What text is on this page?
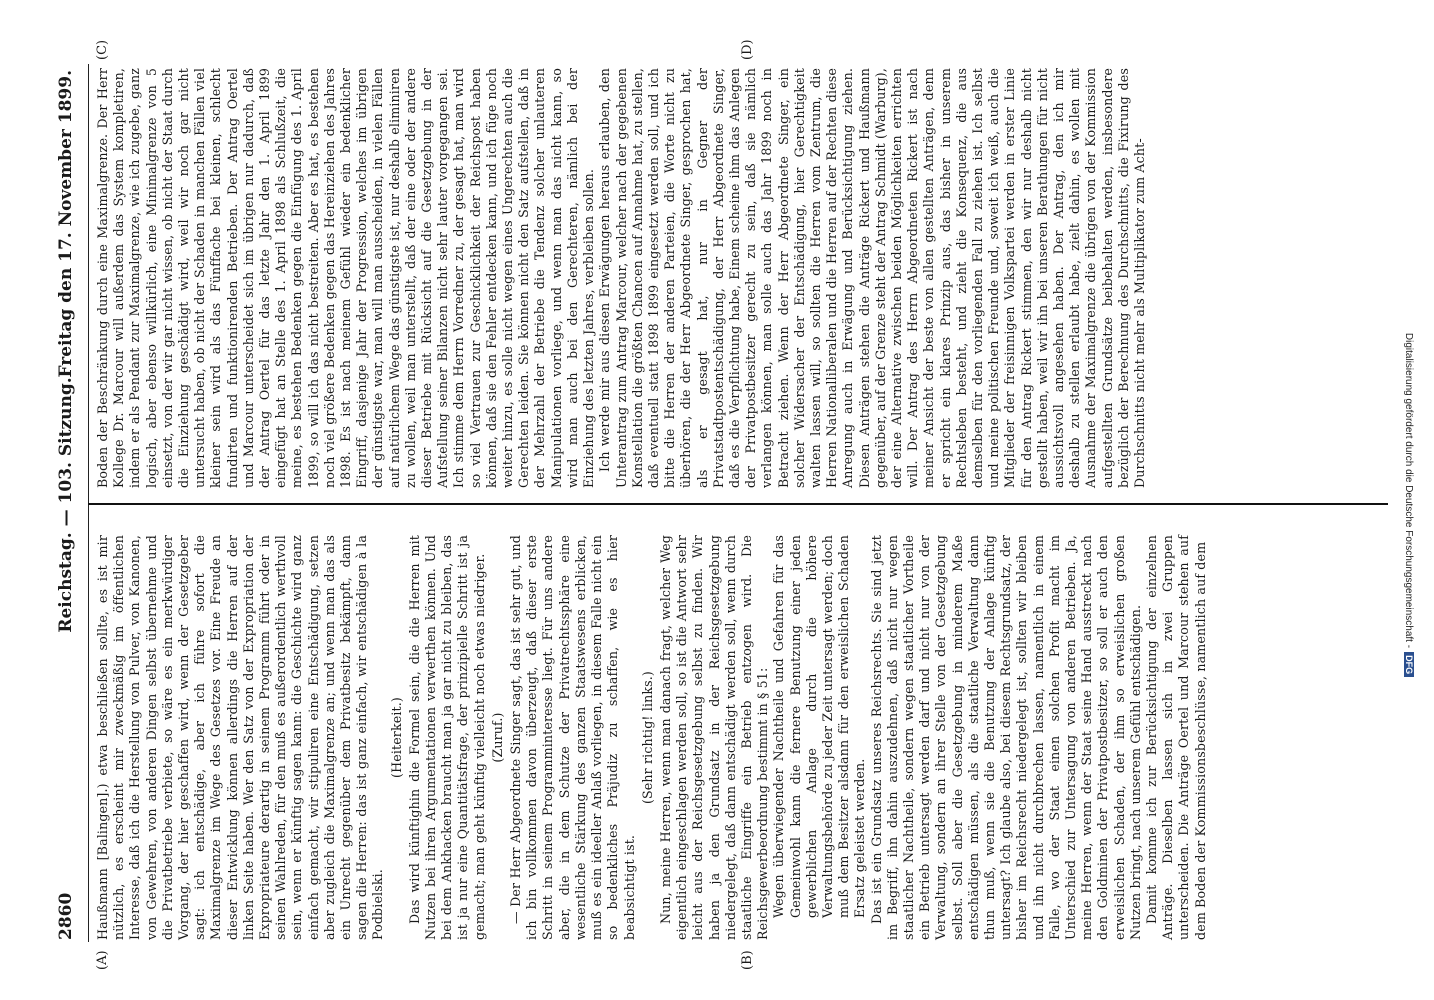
2860
Reichstag. — 103. Sitzung.
Freitag den 17. November 1899.
(A)	(B)
(C)	(D)

Haußmann [Balingen].) etwa beschließen sollte, es ist mir nützlich, es erscheint mir zweckmäßig im öffentlichen Interesse, daß ich die Herstellung von Pulver, von Kanonen, von Gewehren, von anderen Dingen selbst übernehme und die Privatbetriebe verbiete, so wäre es ein merkwürdiger Vorgang, der hier geschaffen wird, wenn der Gesetzgeber sagt: ich entschädige, aber ich führe sofort die Maximalgrenze im Wege des Gesetzes vor. Eine Freude an dieser Entwicklung können allerdings die Herren auf der linken Seite haben. Wer den Satz von der Expropriation der Expropriateure derartig in seinem Programm führt oder in seinen Wahlreden, für den muß es außerordentlich werthvoll sein, wenn er künftig sagen kann: die Geschichte wird ganz einfach gemacht, wir stipuliren eine Entschädigung, setzen aber zugleich die Maximalgrenze an; und wenn man das als ein Unrecht gegenüber dem Privatbesitz bekämpft, dann sagen die Herren: das ist ganz einfach, wir entschädigen à la Podbielski.

(Heiterkeit.) Das wird künftighin die Formel sein, die die Herren mit Nutzen bei ihren Argumentationen verwerthen können. Und bei dem Ankhacken braucht man ja gar nicht zu bleiben, das ist ja nur eine Quantitätsfrage, der prinzipielle Schritt ist ja gemacht; man geht künftig vielleicht noch etwas niedriger. (Zuruf.) — Der Herr Abgeordnete Singer sagt, das ist sehr gut, und ich bin vollkommen davon überzeugt, daß dieser erste Schritt in seinem Programminteresse liegt. Für uns andere aber, die in dem Schutze der Privatrechtssphäre eine wesentliche Stärkung des ganzen Staatswesens erblicken, muß es ein ideeller Anlaß vorliegen, in diesem Falle nicht ein so bedenkliches Präjudiz zu schaffen, wie es hier beabsichtigt ist.

(Sehr richtig! links.) Nun, meine Herren, wenn man danach fragt, welcher Weg eigentlich eingeschlagen werden soll, so ist die Antwort sehr leicht aus der Reichsgesetzgebung selbst zu finden. Wir haben ja den Grundsatz in der Reichsgesetzgebung niedergelegt, daß dann entschädigt werden soll, wenn durch staatliche Eingriffe ein Betrieb entzogen wird. Die Reichsgewerbeordnung bestimmt in § 51: Wegen überwiegender Nachtheile und Gefahren für das Gemeinwohl kann die fernere Benutzung einer jeden gewerblichen Anlage durch die höhere Verwaltungsbehörde zu jeder Zeit untersagt werden; doch muß dem Besitzer alsdann für den erweislichen Schaden Ersatz geleistet werden. Das ist ein Grundsatz unseres Reichsrechts. Sie sind jetzt im Begriff, ihn dahin auszudehnen, daß nicht nur wegen staatlicher Nachtheile, sondern wegen staatlicher Vortheile ein Betrieb untersagt werden darf und nicht nur von der Verwaltung, sondern an ihrer Stelle von der Gesetzgebung selbst. Soll aber die Gesetzgebung in minderem Maße entschädigen müssen, als die staatliche Verwaltung dann thun muß, wenn sie die Benutzung der Anlage künftig untersagt? Ich glaube also, bei diesem Rechtsgrundsatz, der bisher im Reichsrecht niedergelegt ist, sollten wir bleiben und ihn nicht durchbrechen lassen, namentlich in einem Falle, wo der Staat einen solchen Profit macht im Unterschied zur Untersagung von anderen Betrieben. Ja, meine Herren, wenn der Staat seine Hand ausstreckt nach den Goldminen der Privatpostbesitzer, so soll er auch den erweislichen Schaden, der ihm so erweislichen großen Nutzen bringt, nach unserem Gefühl entschädigen. Damit komme ich zur Berücksichtigung der einzelnen Anträge. Dieselben lassen sich in zwei Gruppen unterscheiden. Die Anträge Oertel und Marcour stehen auf dem Boden der Kommissionsbeschlüsse, namentlich auf dem

Boden der Beschränkung durch eine Maximalgrenze. Der Herr Kollege Dr. Marcour will außerdem das System kompletiren, indem er als Pendant zur Maximalgrenze, wie ich zugebe, ganz logisch, aber ebenso willkürlich, eine Minimalgrenze von 5 einsetzt, von der wir gar nicht wissen, ob nicht der Staat durch die Einziehung geschädigt wird, weil wir noch gar nicht untersucht haben, ob nicht der Schaden in manchen Fällen viel kleiner sein wird als das Fünffache bei kleinen, schlecht fundirten und funktionirenden Betrieben. Der Antrag Oertel und Marcour unterscheidet sich im übrigen nur dadurch, daß der Antrag Oertel für das letzte Jahr den 1. April 1899 eingefügt hat an Stelle des 1. April 1898 als Schlußzeit, die meine, es bestehen Bedenken gegen die Einfügung des 1. April 1899, so will ich das nicht bestreiten. Aber es hat, es bestehen noch viel größere Bedenken gegen das Hereinziehen des Jahres 1898. Es ist nach meinem Gefühl wieder ein bedenklicher Eingriff, dasjenige Jahr der Progression, welches im übrigen der günstigste war, man will man ausscheiden, in vielen Fällen auf natürlichem Wege das günstigste ist, nur deshalb eliminiren zu wollen, weil man unterstellt, daß der eine oder der andere dieser Betriebe mit Rücksicht auf die Gesetzgebung in der Aufstellung seiner Bilanzen nicht sehr lauter vorgegangen sei. Ich stimme dem Herrn Vorredner zu, der gesagt hat, man wird so viel Vertrauen zur Geschicklichkeit der Reichspost haben können, daß sie den Fehler entdecken kann, und ich füge noch weiter hinzu, es solle nicht wegen eines Ungerechten auch die Gerechten leiden. Sie können nicht den Satz aufstellen, daß in der Mehrzahl der Betriebe die Tendenz solcher unlauteren Manipulationen vorliege, und wenn man das nicht kann, so wird man auch bei den Gerechteren, nämlich bei der Einziehung des letzten Jahres, verbleiben sollen. Ich werde mir aus diesen Erwägungen heraus erlauben, den Unterantrag zum Antrag Marcour, welcher nach der gegebenen Konstellation die größten Chancen auf Annahme hat, zu stellen, daß eventuell statt 1898 1899 eingesetzt werden soll, und ich bitte die Herren der anderen Parteien, die Worte nicht zu überhören, die der Herr Abgeordnete Singer, gesprochen hat, als er gesagt hat, nur in Gegner der Privatstadtpostentschädigung, der Herr Abgeordnete Singer, daß es die Verpflichtung habe, Einem scheine ihm das Anlegen der Privatpostbesitzer gerecht zu sein, daß sie nämlich verlangen können, man solle auch das Jahr 1899 noch in Betracht ziehen. Wenn der Herr Abgeordnete Singer, ein solcher Widersacher der Entschädigung, hier Gerechtigkeit walten lassen will, so sollten die Herren vom Zentrum, die Herren Nationalliberalen und die Herren auf der Rechten diese Anregung auch in Erwägung und Berücksichtigung ziehen. Diesen Anträgen stehen die Anträge Rickert und Haußmann gegenüber, auf der Grenze steht der Antrag Schmidt (Warburg), der eine Alternative zwischen beiden Möglichkeiten errichten will. Der Antrag des Herrn Abgeordneten Rickert ist nach meiner Ansicht der beste von allen gestellten Anträgen, denn er spricht ein klares Prinzip aus, das bisher in unserem Rechtsleben besteht, und zieht die Konsequenz, die aus demselben für den vorliegenden Fall zu ziehen ist. Ich selbst und meine politischen Freunde und, soweit ich weiß, auch die Mitglieder der freisinnigen Volkspartei werden in erster Linie für den Antrag Rickert stimmen, den wir nur deshalb nicht gestellt haben, weil wir ihn bei unseren Berathungen für nicht aussichtsvoll angesehen haben. Der Antrag, den ich mir deshalb zu stellen erlaubt habe, zielt dahin, es wollen mit Ausnahme der Maximalgrenze die übrigen von der Kommission aufgestellten Grundsätze beibehalten werden, insbesondere bezüglich der Berechnung des Durchschnitts, die Fixirung des Durchschnitts nicht mehr als Multiplikator zum Acht-

Digitalisierung gefördert durch die Deutsche Forschungsgemeinschaft -DFG
